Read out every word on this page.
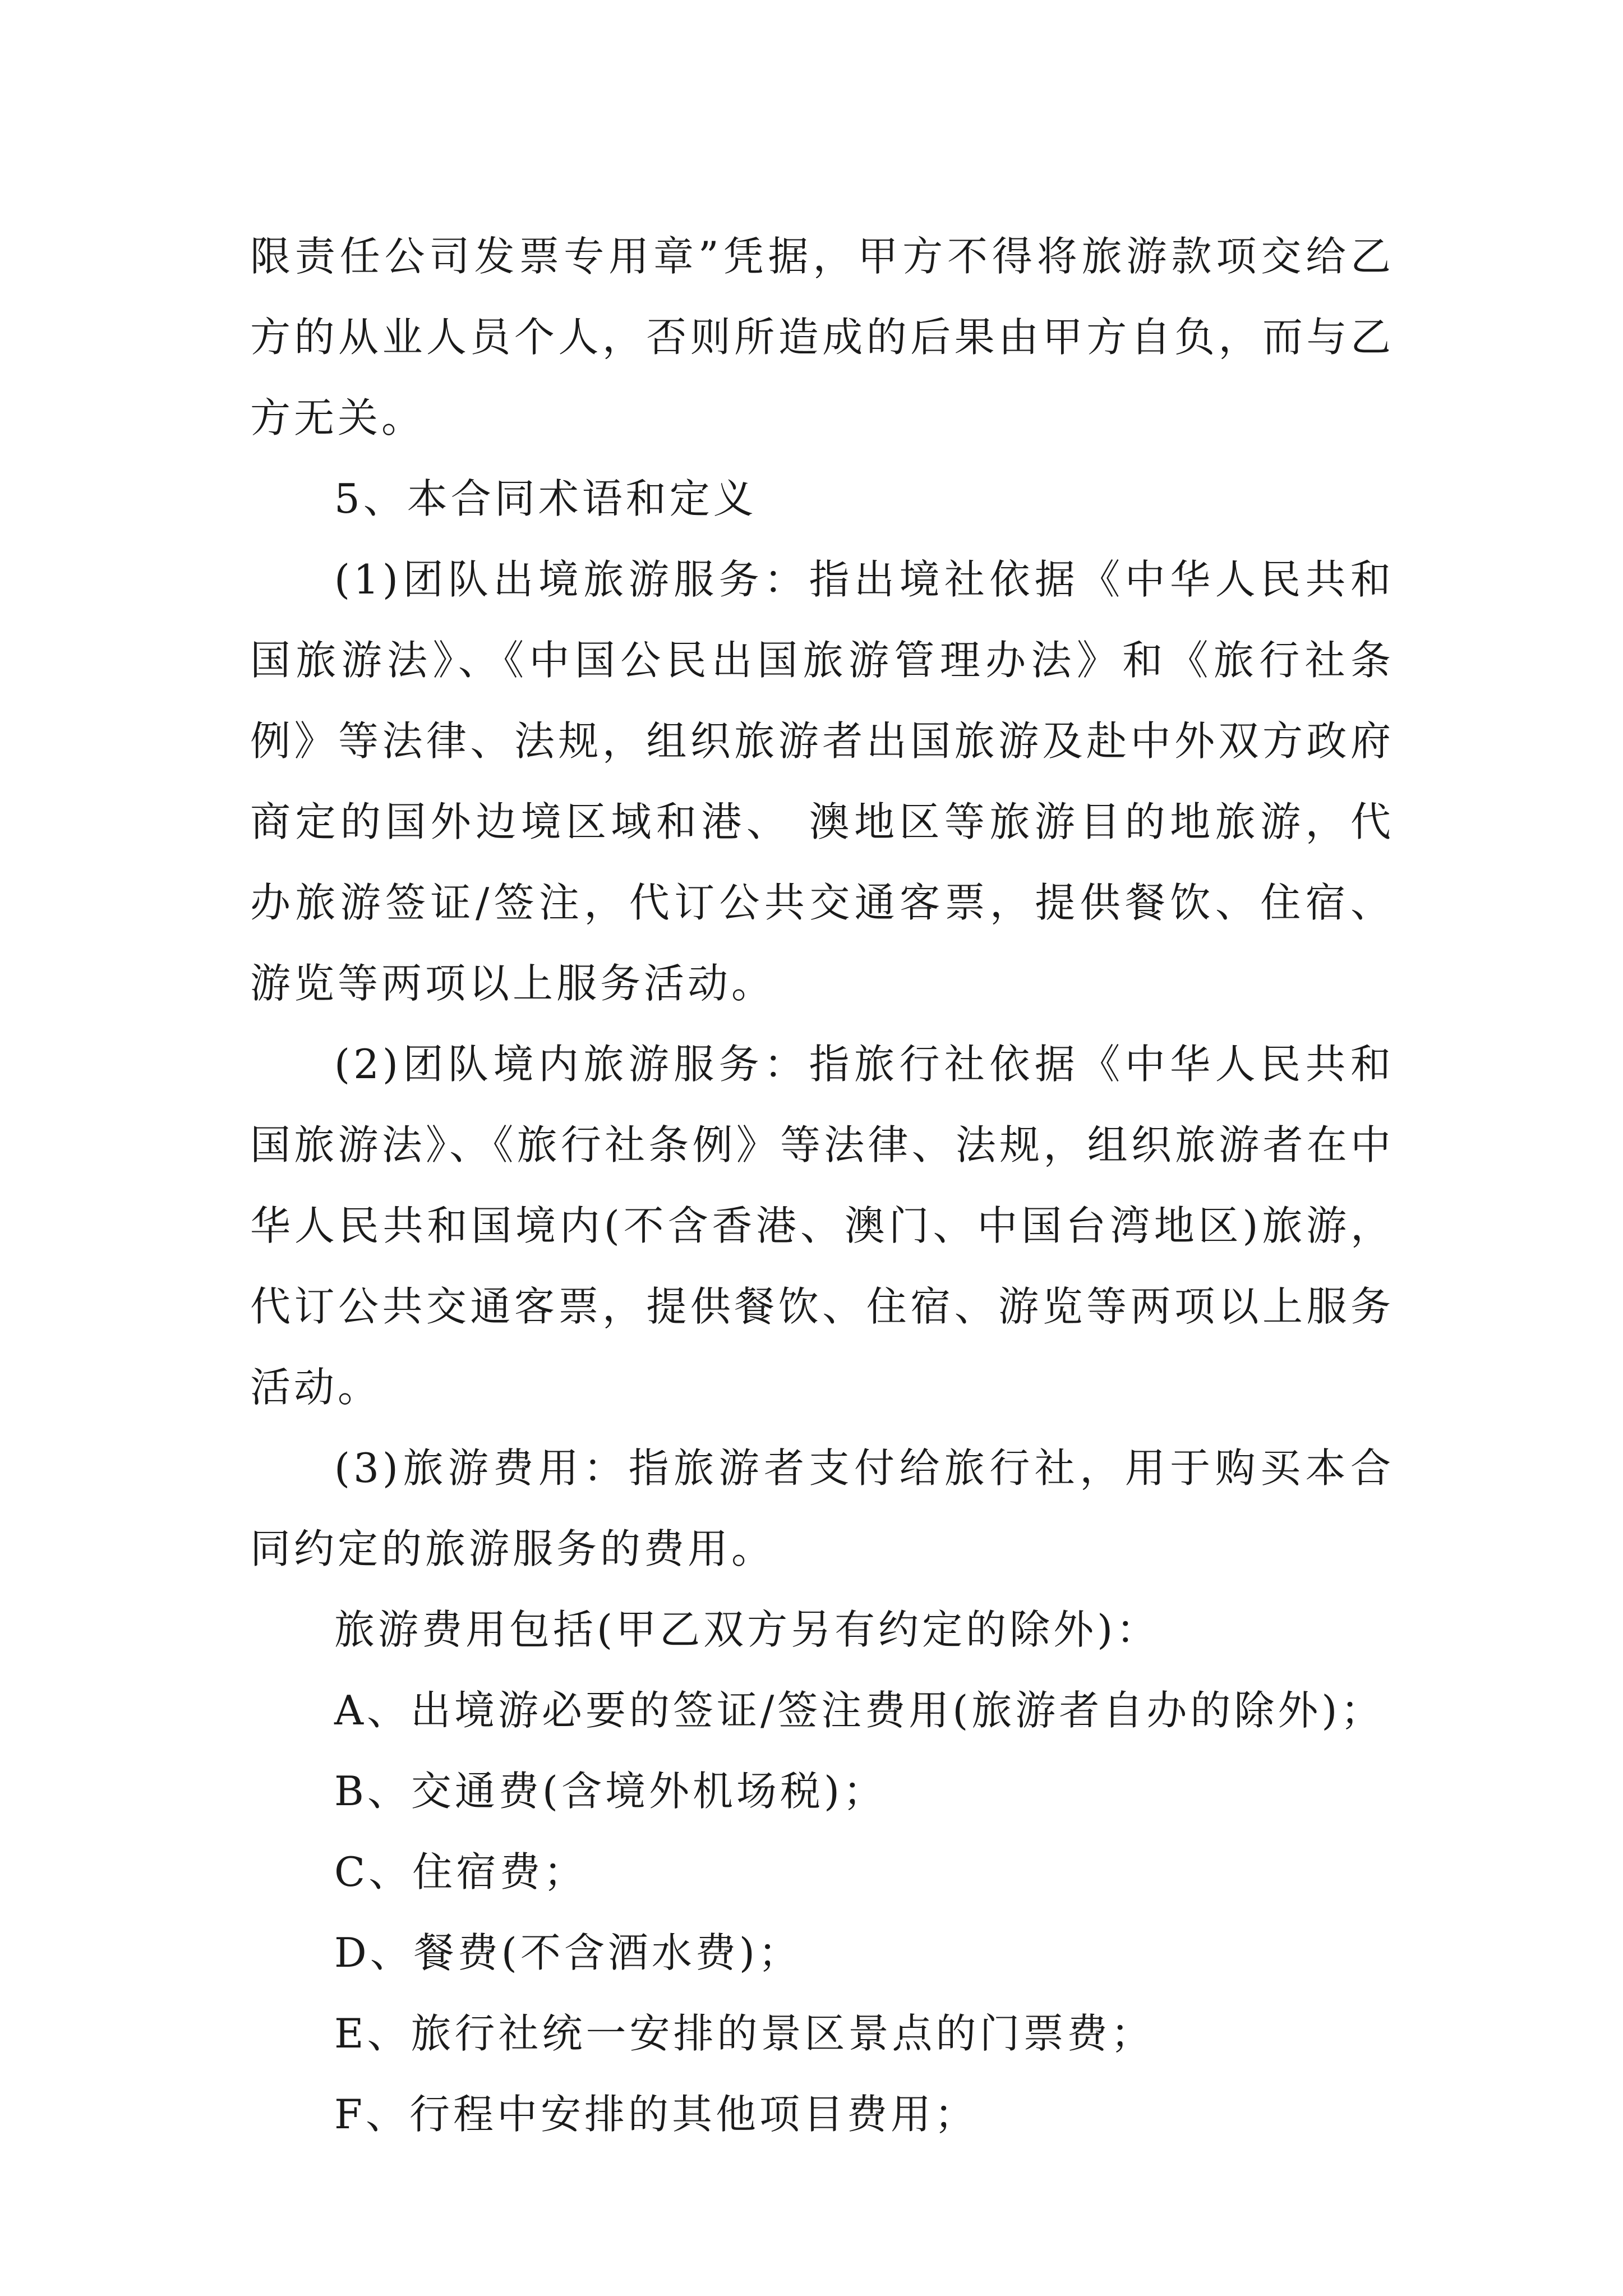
限责任公司发票专用章”凭据，甲方不得将旅游款项交给乙方的从业人员个人，否则所造成的后果由甲方自负，而与乙方无关。

5、本合同术语和定义

(1)团队出境旅游服务：指出境社依据《中华人民共和国旅游法》、《中国公民出国旅游管理办法》和《旅行社条例》等法律、法规，组织旅游者出国旅游及赴中外双方政府商定的国外边境区域和港、 澳地区等旅游目的地旅游，代办旅游签证/签注，代订公共交通客票，提供餐饮、住宿、游览等两项以上服务活动。

(2)团队境内旅游服务：指旅行社依据《中华人民共和国旅游法》、《旅行社条例》等法律、法规，组织旅游者在中华人民共和国境内(不含香港、澳门、中国台湾地区)旅游，代订公共交通客票，提供餐饮、住宿、游览等两项以上服务活动。

(3)旅游费用：指旅游者支付给旅行社，用于购买本合同约定的旅游服务的费用。

旅游费用包括(甲乙双方另有约定的除外)：

A、出境游必要的签证/签注费用(旅游者自办的除外)；

B、交通费(含境外机场税)；

C、住宿费；

D、餐费(不含酒水费)；

E、旅行社统一安排的景区景点的门票费；

F、行程中安排的其他项目费用；
